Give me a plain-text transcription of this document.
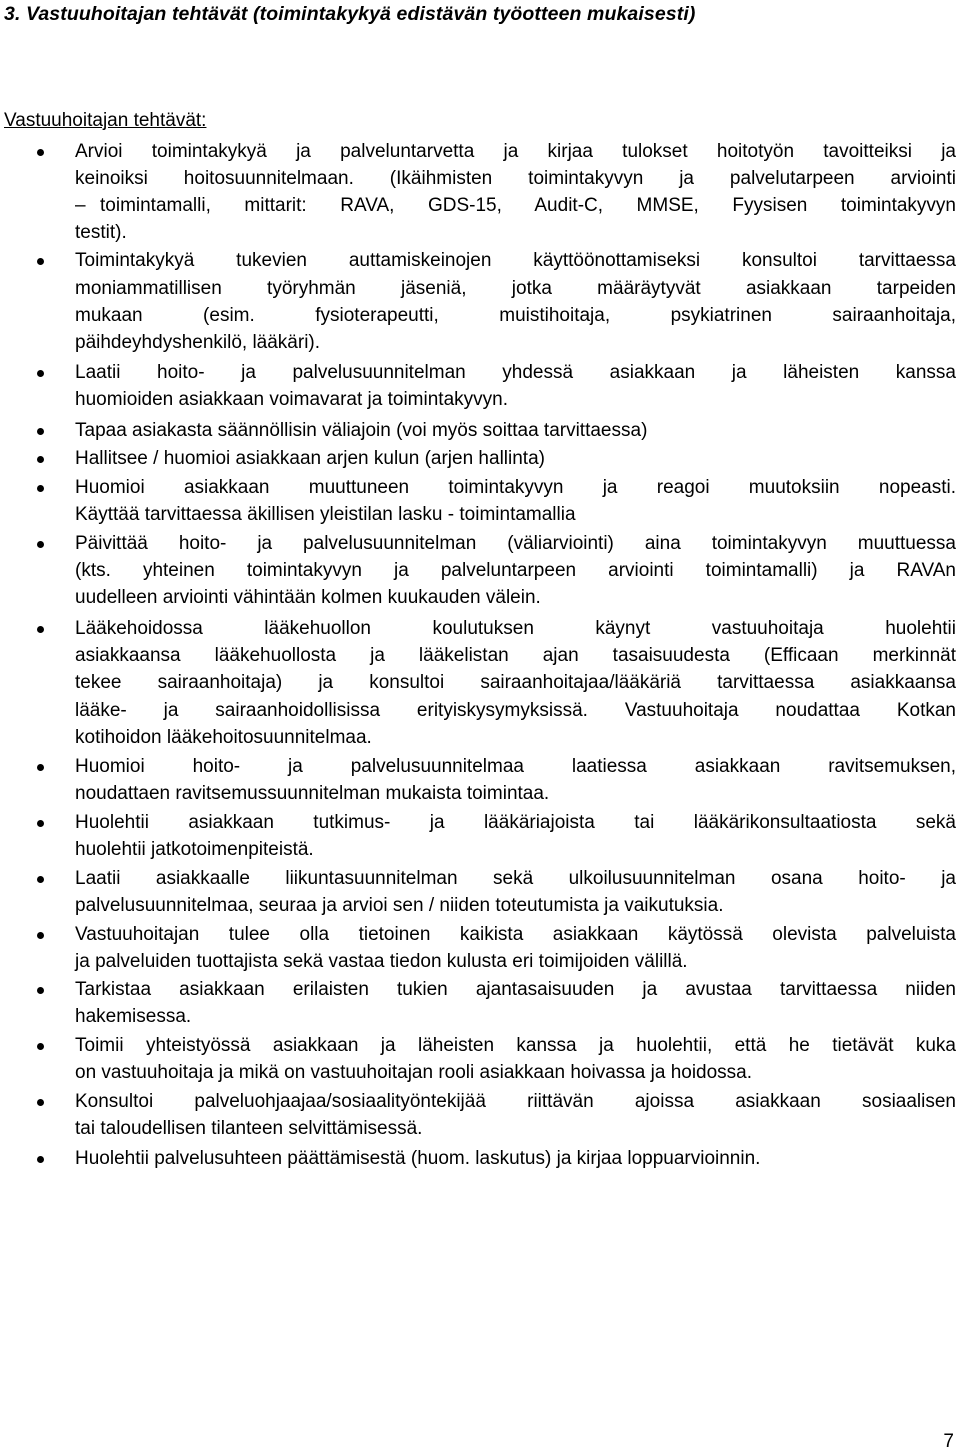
3. Vastuuhoitajan tehtävät (toimintakykyä edistävän työotteen mukaisesti)
Vastuuhoitajan tehtävät:
Arvioi toimintakykyä ja palveluntarvetta ja kirjaa tulokset hoitotyön tavoitteiksi ja
keinoiksi hoitosuunnitelmaan. (Ikäihmisten toimintakyvyn ja palvelutarpeen arviointi
– toimintamalli, mittarit: RAVA, GDS-15, Audit-C, MMSE, Fyysisen toimintakyvyn
testit).
Toimintakykyä tukevien auttamiskeinojen käyttöönottamiseksi konsultoi tarvittaessa
moniammatillisen työryhmän jäseniä, jotka määräytyvät asiakkaan tarpeiden
mukaan (esim. fysioterapeutti, muistihoitaja, psykiatrinen sairaanhoitaja,
päihdeyhdyshenkilö, lääkäri).
Laatii hoito- ja palvelusuunnitelman yhdessä asiakkaan ja läheisten kanssa
huomioiden asiakkaan voimavarat ja toimintakyvyn.
Tapaa asiakasta säännöllisin väliajoin (voi myös soittaa tarvittaessa)
Hallitsee / huomioi asiakkaan arjen kulun (arjen hallinta)
Huomioi asiakkaan muuttuneen toimintakyvyn ja reagoi muutoksiin nopeasti.
Käyttää tarvittaessa äkillisen yleistilan lasku - toimintamallia
Päivittää hoito- ja palvelusuunnitelman (väliarviointi) aina toimintakyvyn muuttuessa
(kts. yhteinen toimintakyvyn ja palveluntarpeen arviointi toimintamalli) ja RAVAn
uudelleen arviointi vähintään kolmen kuukauden välein.
Lääkehoidossa lääkehuollon koulutuksen käynyt vastuuhoitaja huolehtii
asiakkaansa lääkehuollosta ja lääkelistan ajan tasaisuudesta (Efficaan merkinnät
tekee sairaanhoitaja) ja konsultoi sairaanhoitajaa/lääkäriä tarvittaessa asiakkaansa
lääke- ja sairaanhoidollisissa erityiskysymyksissä. Vastuuhoitaja noudattaa Kotkan
kotihoidon lääkehoitosuunnitelmaa.
Huomioi hoito- ja palvelusuunnitelmaa laatiessa asiakkaan ravitsemuksen,
noudattaen ravitsemussuunnitelman mukaista toimintaa.
Huolehtii asiakkaan tutkimus- ja lääkäriajoista tai lääkärikonsultaatiosta sekä
huolehtii jatkotoimenpiteistä.
Laatii asiakkaalle liikuntasuunnitelman sekä ulkoilusuunnitelman osana hoito- ja
palvelusuunnitelmaa, seuraa ja arvioi sen / niiden toteutumista ja vaikutuksia.
Vastuuhoitajan tulee olla tietoinen kaikista asiakkaan käytössä olevista palveluista
ja palveluiden tuottajista sekä vastaa tiedon kulusta eri toimijoiden välillä.
Tarkistaa asiakkaan erilaisten tukien ajantasaisuuden ja avustaa tarvittaessa niiden
hakemisessa.
Toimii yhteistyössä asiakkaan ja läheisten kanssa ja huolehtii, että he tietävät kuka
on vastuuhoitaja ja mikä on vastuuhoitajan rooli asiakkaan hoivassa ja hoidossa.
Konsultoi palveluohjaajaa/sosiaalityöntekijää riittävän ajoissa asiakkaan sosiaalisen
tai taloudellisen tilanteen selvittämisessä.
Huolehtii palvelusuhteen päättämisestä (huom. laskutus) ja kirjaa loppuarvioinnin.
7
